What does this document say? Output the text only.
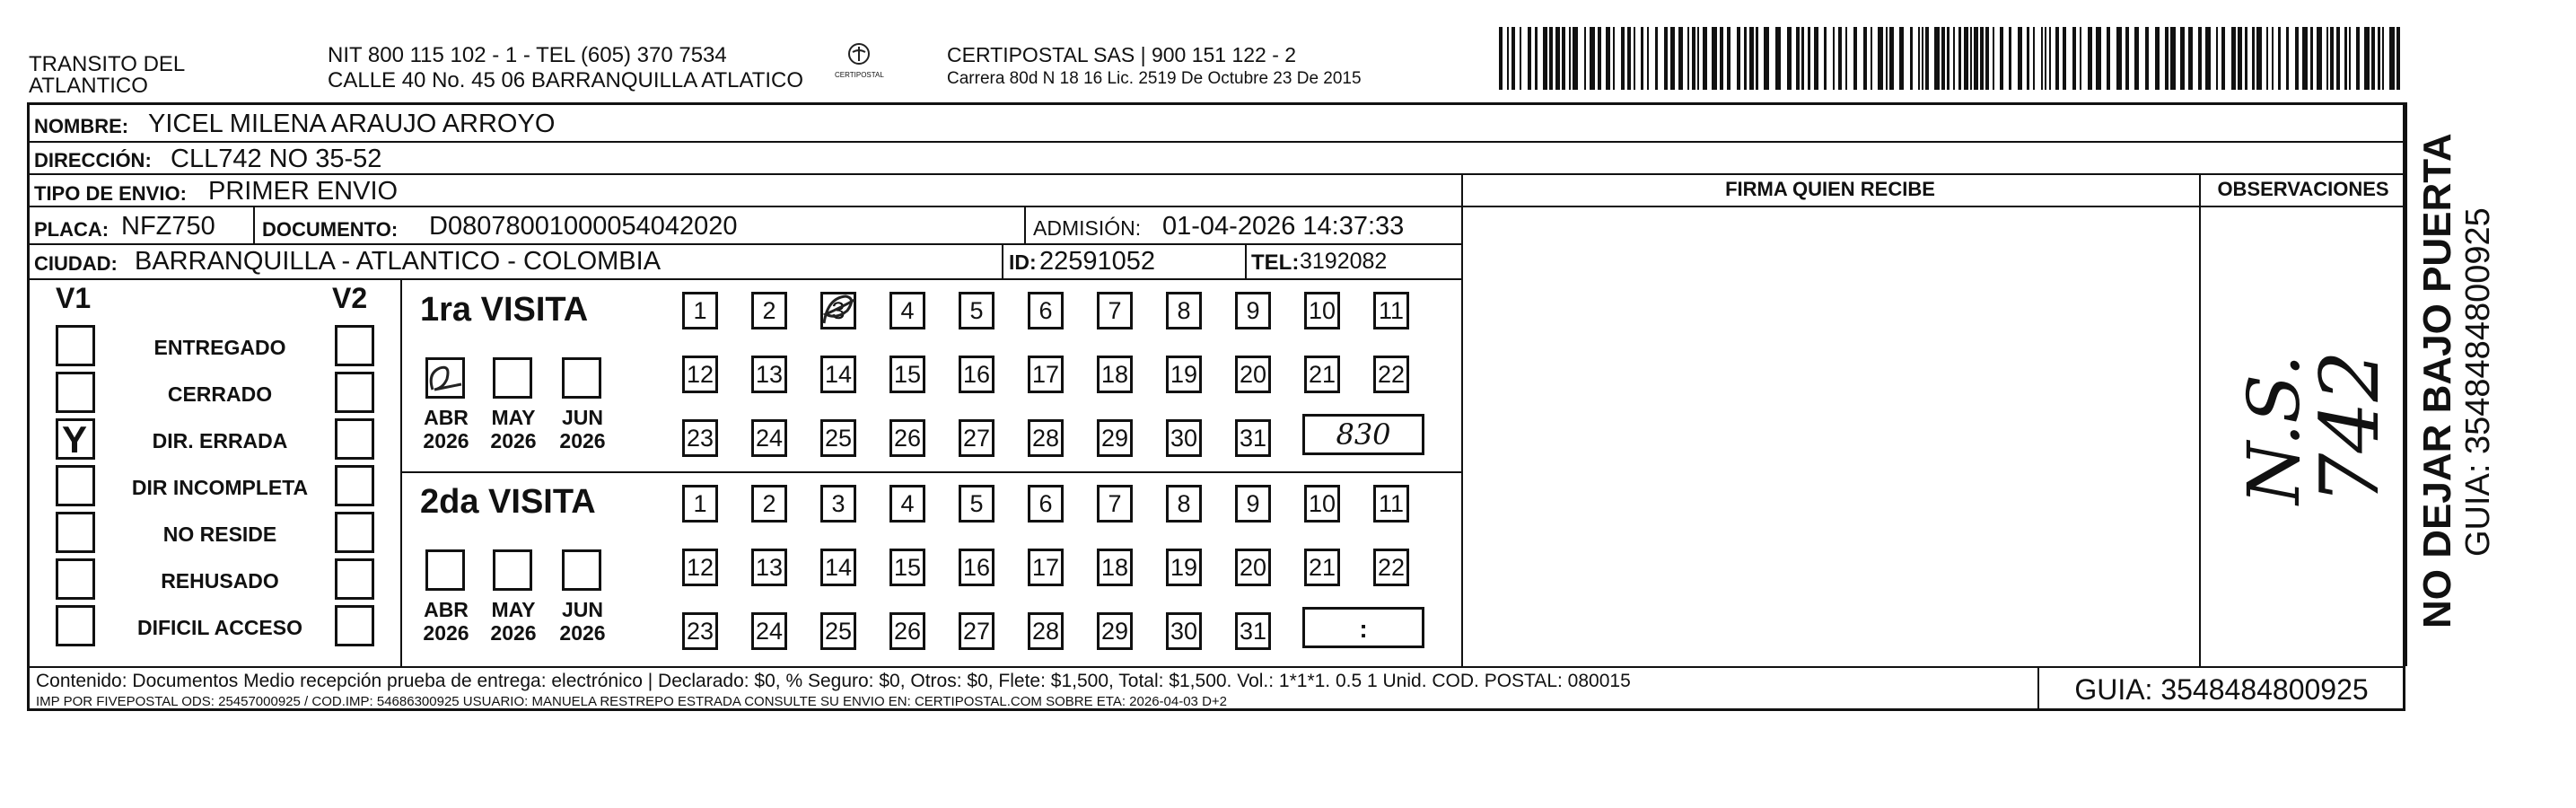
TRANSITO DEL
ATLANTICO
NIT 800 115 102 - 1 - TEL (605) 370 7534
CALLE 40 No. 45 06 BARRANQUILLA ATLATICO	CERTIPOSTAL
CERTIPOSTAL SAS | 900 151 122 - 2
Carrera 80d N 18 16 Lic. 2519 De Octubre 23 De 2015
NOMBRE: YICEL MILENA ARAUJO ARROYO
DIRECCIÓN: CLL742 NO 35-52
TIPO DE ENVIO: PRIMER ENVIO
PLACA: NFZ750 DOCUMENTO: D08078001000054042020	ADMISIÓN: 01-04-2026 14:37:33
CIUDAD: BARRANQUILLA - ATLANTICO - COLOMBIA	ID: 22591052	TEL: 3192082
FIRMA QUIEN RECIBE	OBSERVACIONES
N.S.
742
V1	V2
ENTREGADO
CERRADO
Y	DIR. ERRADA
DIR INCOMPLETA
NO RESIDE
REHUSADO
DIFICIL ACCESO
1ra VISITA
2da VISITA
ABR
2026
MAY
2026
JUN
2026
ABR
2026
MAY
2026
JUN
2026
1	2	3	4	5	6	7	8	9	10 11
12 13 14 15 16 17 18 19 20 21 22
23 24 25 26 27 28 29 30 31
1	2	3	4	5	6	7	8	9	10 11
12 13 14 15 16 17 18 19 20 21 22
23 24 25 26 27 28 29 30 31
830
:
NO DEJAR BAJO PUERTA GUIA: 3548484800925
Contenido: Documentos Medio recepción prueba de entrega: electrónico | Declarado: $0, % Seguro: $0, Otros: $0, Flete: $1,500, Total: $1,500. Vol.: 1*1*1. 0.5 1 Unid. COD. POSTAL: 080015
IMP POR FIVEPOSTAL ODS: 25457000925 / COD.IMP: 54686300925 USUARIO: MANUELA RESTREPO ESTRADA CONSULTE SU ENVIO EN: CERTIPOSTAL.COM SOBRE ETA: 2026-04-03 D+2	GUIA: 3548484800925
